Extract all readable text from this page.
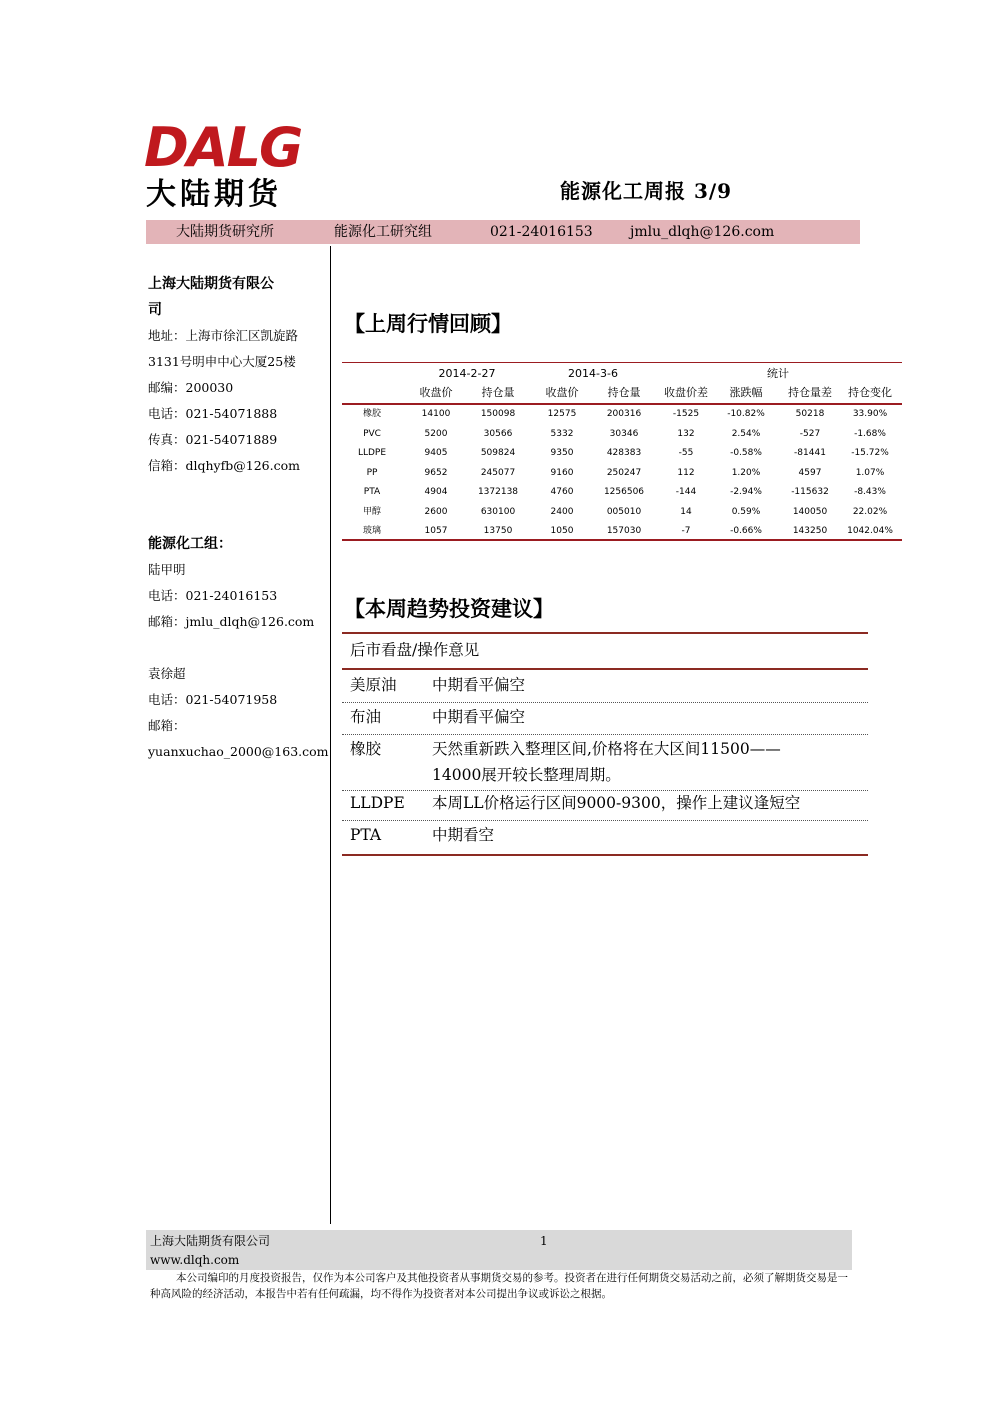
DALG
大陆期货	能源化工周报 3/9
大陆期货研究所	能源化工研究组	021-24016153	jmlu_dlqh@126.com
上海大陆期货有限公
司
地址：上海市徐汇区凯旋路
3131号明申中心大厦25楼
邮编：200030
电话：021-54071888
传真：021-54071889
信箱：dlqhyfb@126.com
能源化工组：
陆甲明
电话：021-24016153
邮箱：jmlu_dlqh@126.com
袁徐超
电话：021-54071958
邮箱：
yuanxuchao_2000@163.com
【上周行情回顾】
2014-2-27	2014-3-6	统计
收盘价	持仓量	收盘价	持仓量	收盘价差	涨跌幅	持仓量差	持仓变化
橡胶	14100	150098	12575	200316	-1525	-10.82%	50218	33.90%
PVC	5200	30566	5332	30346	132	2.54%	-527	-1.68%
LLDPE	9405	509824	9350	428383	-55	-0.58%	-81441	-15.72%
PP	9652	245077	9160	250247	112	1.20%	4597	1.07%
PTA	4904	1372138	4760	1256506	-144	-2.94%	-115632	-8.43%
甲醇	2600	630100	2400	005010	14	0.59%	140050	22.02%
玻璃	1057	13750	1050	157030	-7	-0.66%	143250	1042.04%
【本周趋势投资建议】
后市看盘/操作意见
美原油 中期看平偏空
布油	中期看平偏空
橡胶	天然重新跌入整理区间,价格将在大区间11500——
14000展开较长整理周期。
LLDPE 本周LL价格运行区间9000-9300，操作上建议逢短空
PTA	中期看空
上海大陆期货有限公司	1
www.dlqh.com
本公司编印的月度投资报告，仅作为本公司客户及其他投资者从事期货交易的参考。投资者在进行任何期货交易活动之前，必须了解期货交易是一种高风险的经济活动，本报告中若有任何疏漏，均不得作为投资者对本公司提出争议或诉讼之根据。
